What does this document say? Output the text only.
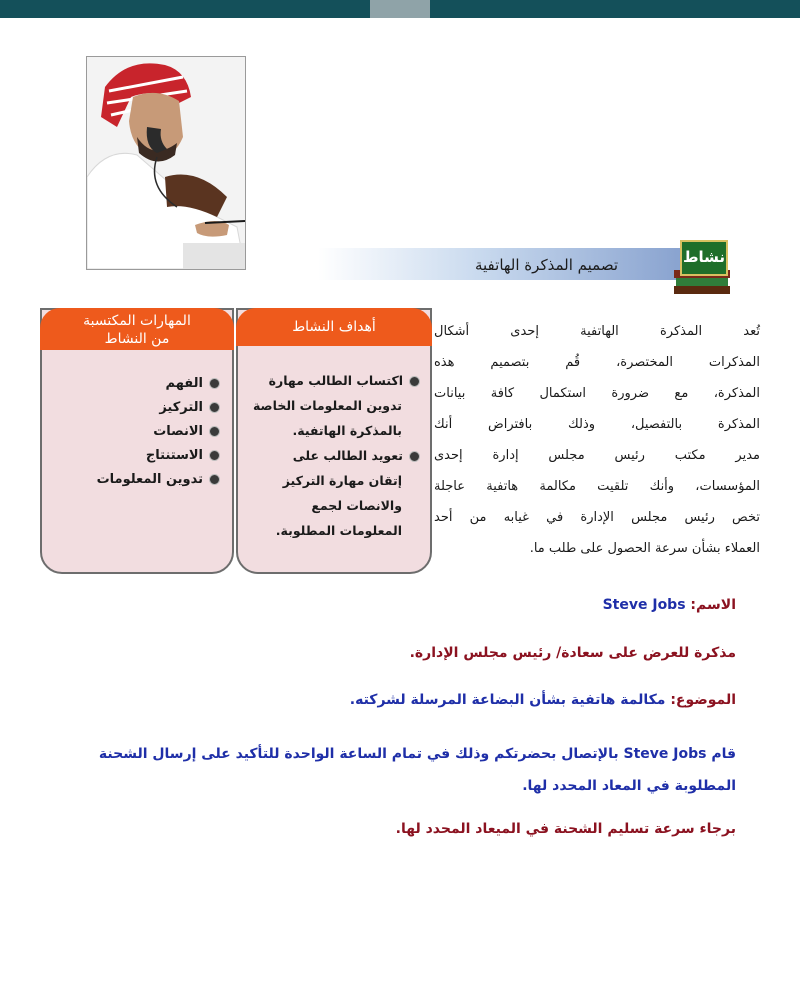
تصميم المذكرة الهاتفية	نشاط
أهداف النشاط
اكتساب الطالب مهارة
تدوين المعلومات الخاصة
بالمذكرة الهاتفية.
تعويد الطالب على
إتقان مهارة التركيز
والانصات لجمع
المعلومات المطلوبة.
المهارات المكتسبة
من النشاط
الفهم
التركيز
الانصات
الاستنتاج
تدوين المعلومات
تُعد المذكرة الهاتفية إحدى أشكال
المذكرات المختصرة، قُم بتصميم هذه
المذكرة، مع ضرورة استكمال كافة بيانات
المذكرة بالتفصيل، وذلك بافتراض أنك
مدير مكتب رئيس مجلس إدارة إحدى
المؤسسات، وأنك تلقيت مكالمة هاتفية عاجلة
تخص رئيس مجلس الإدارة في غيابه من أحد
العملاء بشأن سرعة الحصول على طلب ما.
الاسم: Steve Jobs
مذكرة للعرض على سعادة/ رئيس مجلس الإدارة.
الموضوع: مكالمة هاتفية بشأن البضاعة المرسلة لشركته.
قام Steve Jobs بالإتصال بحضرتكم وذلك في تمام الساعة الواحدة للتأكيد على إرسال الشحنة المطلوبة في المعاد المحدد لها.
برجاء سرعة تسليم الشحنة في الميعاد المحدد لها.
